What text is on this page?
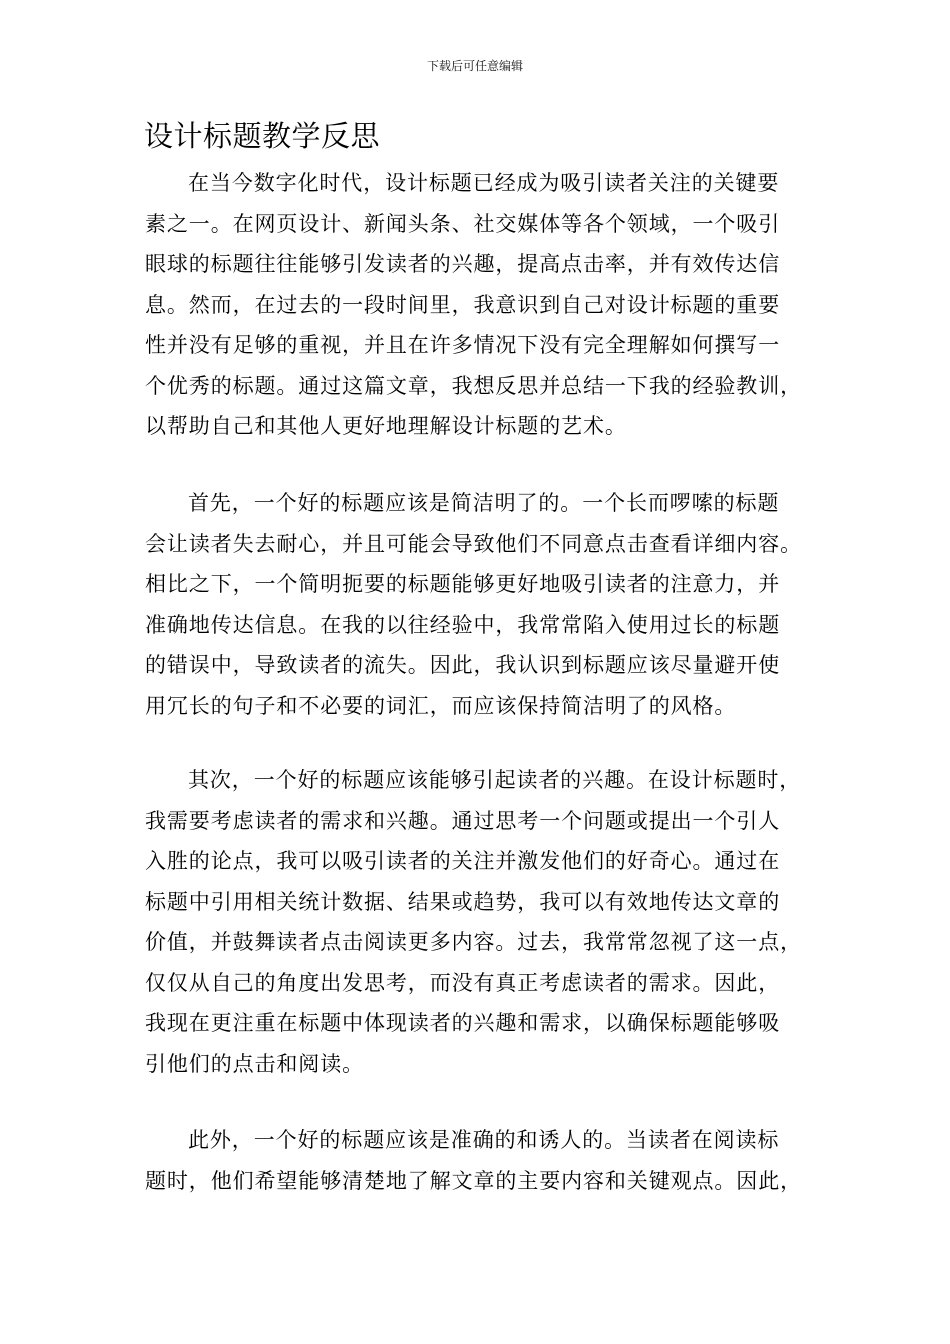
下载后可任意编辑
设计标题教学反思
在当今数字化时代，设计标题已经成为吸引读者关注的关键要
素之一。在网页设计、新闻头条、社交媒体等各个领域，一个吸引
眼球的标题往往能够引发读者的兴趣，提高点击率，并有效传达信
息。然而，在过去的一段时间里，我意识到自己对设计标题的重要
性并没有足够的重视，并且在许多情况下没有完全理解如何撰写一
个优秀的标题。通过这篇文章，我想反思并总结一下我的经验教训，
以帮助自己和其他人更好地理解设计标题的艺术。
首先，一个好的标题应该是简洁明了的。一个长而啰嗦的标题
会让读者失去耐心，并且可能会导致他们不同意点击查看详细内容。
相比之下，一个简明扼要的标题能够更好地吸引读者的注意力，并
准确地传达信息。在我的以往经验中，我常常陷入使用过长的标题
的错误中，导致读者的流失。因此，我认识到标题应该尽量避开使
用冗长的句子和不必要的词汇，而应该保持简洁明了的风格。
其次，一个好的标题应该能够引起读者的兴趣。在设计标题时，
我需要考虑读者的需求和兴趣。通过思考一个问题或提出一个引人
入胜的论点，我可以吸引读者的关注并激发他们的好奇心。通过在
标题中引用相关统计数据、结果或趋势，我可以有效地传达文章的
价值，并鼓舞读者点击阅读更多内容。过去，我常常忽视了这一点，
仅仅从自己的角度出发思考，而没有真正考虑读者的需求。因此，
我现在更注重在标题中体现读者的兴趣和需求，以确保标题能够吸
引他们的点击和阅读。
此外，一个好的标题应该是准确的和诱人的。当读者在阅读标
题时，他们希望能够清楚地了解文章的主要内容和关键观点。因此，
